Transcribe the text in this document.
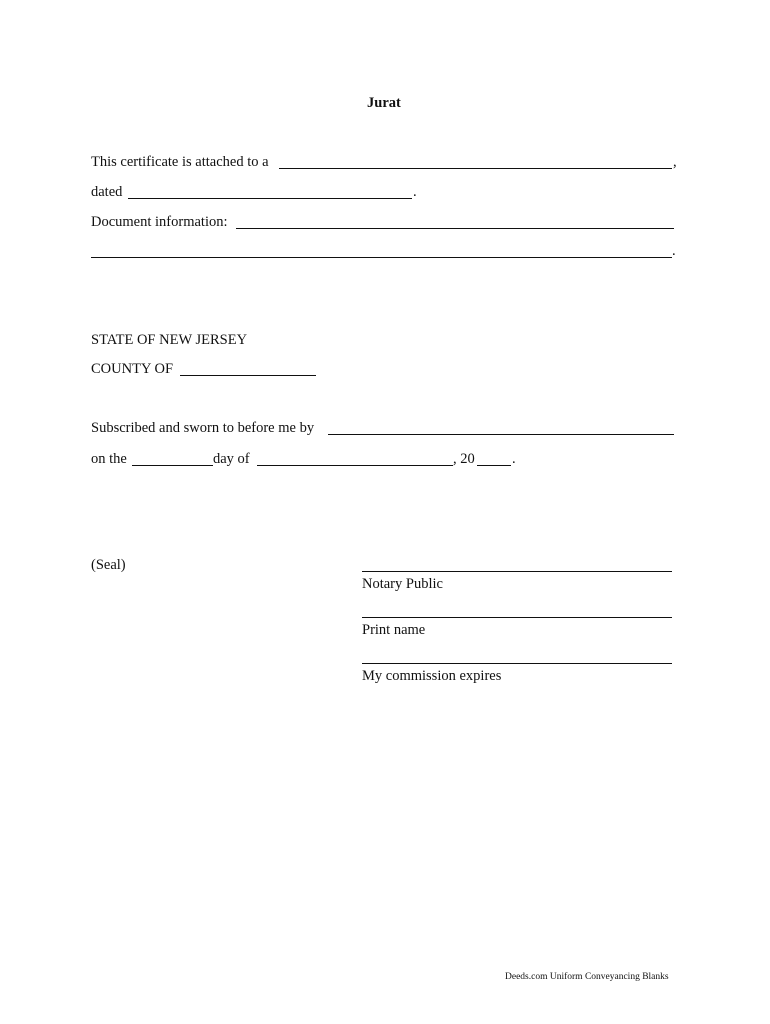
Jurat
This certificate is attached to a	,
dated	.
Document information:
.
STATE OF NEW JERSEY
COUNTY OF
Subscribed and sworn to before me by
on the	day of	, 20	.
(Seal)
Notary Public
Print name
My commission expires
Deeds.com Uniform Conveyancing Blanks
